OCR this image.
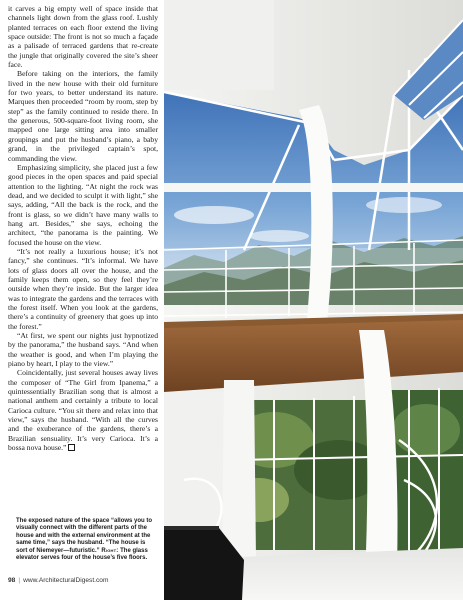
it carves a big empty well of space inside that channels light down from the glass roof. Lushly planted terraces on each floor extend the living space outside: The front is not so much a façade as a palisade of terraced gardens that re-create the jungle that originally covered the site’s sheer face.

Before taking on the interiors, the family lived in the new house with their old furniture for two years, to better understand its nature. Marques then proceeded “room by room, step by step” as the family continued to reside there. In the generous, 500-square-foot living room, she mapped one large sitting area into smaller groupings and put the husband’s piano, a baby grand, in the privileged captain’s spot, commanding the view.

Emphasizing simplicity, she placed just a few good pieces in the open spaces and paid special attention to the lighting. “At night the rock was dead, and we decided to sculpt it with light,” she says, adding, “All the back is the rock, and the front is glass, so we didn’t have many walls to hang art. Besides,” she says, echoing the architect, “the panorama is the painting. We focused the house on the view.

“It’s not really a luxurious house; it’s not fancy,” she continues. “It’s informal. We have lots of glass doors all over the house, and the family keeps them open, so they feel they’re outside when they’re inside. But the larger idea was to integrate the gardens and the terraces with the forest itself. When you look at the gardens, there’s a continuity of greenery that goes up into the forest.”

“At first, we spent our nights just hypnotized by the panorama,” the husband says. “And when the weather is good, and when I’m playing the piano by heart, I play to the view.”

Coincidentally, just several houses away lives the composer of “The Girl from Ipanema,” a quintessentially Brazilian song that is almost a national anthem and certainly a tribute to local Carioca culture. “You sit there and relax into that view,” says the husband. “With all the curves and the exuberance of the gardens, there’s a Brazilian sensuality. It’s very Carioca. It’s a bossa nova house.”

The exposed nature of the space “allows you to visually connect with the different parts of the house and with the external environment at the same time,” says the husband. “The house is sort of Niemeyer—futuristic.” Right: The glass elevator serves four of the house’s five floors.
98 | www.ArchitecturalDigest.com
